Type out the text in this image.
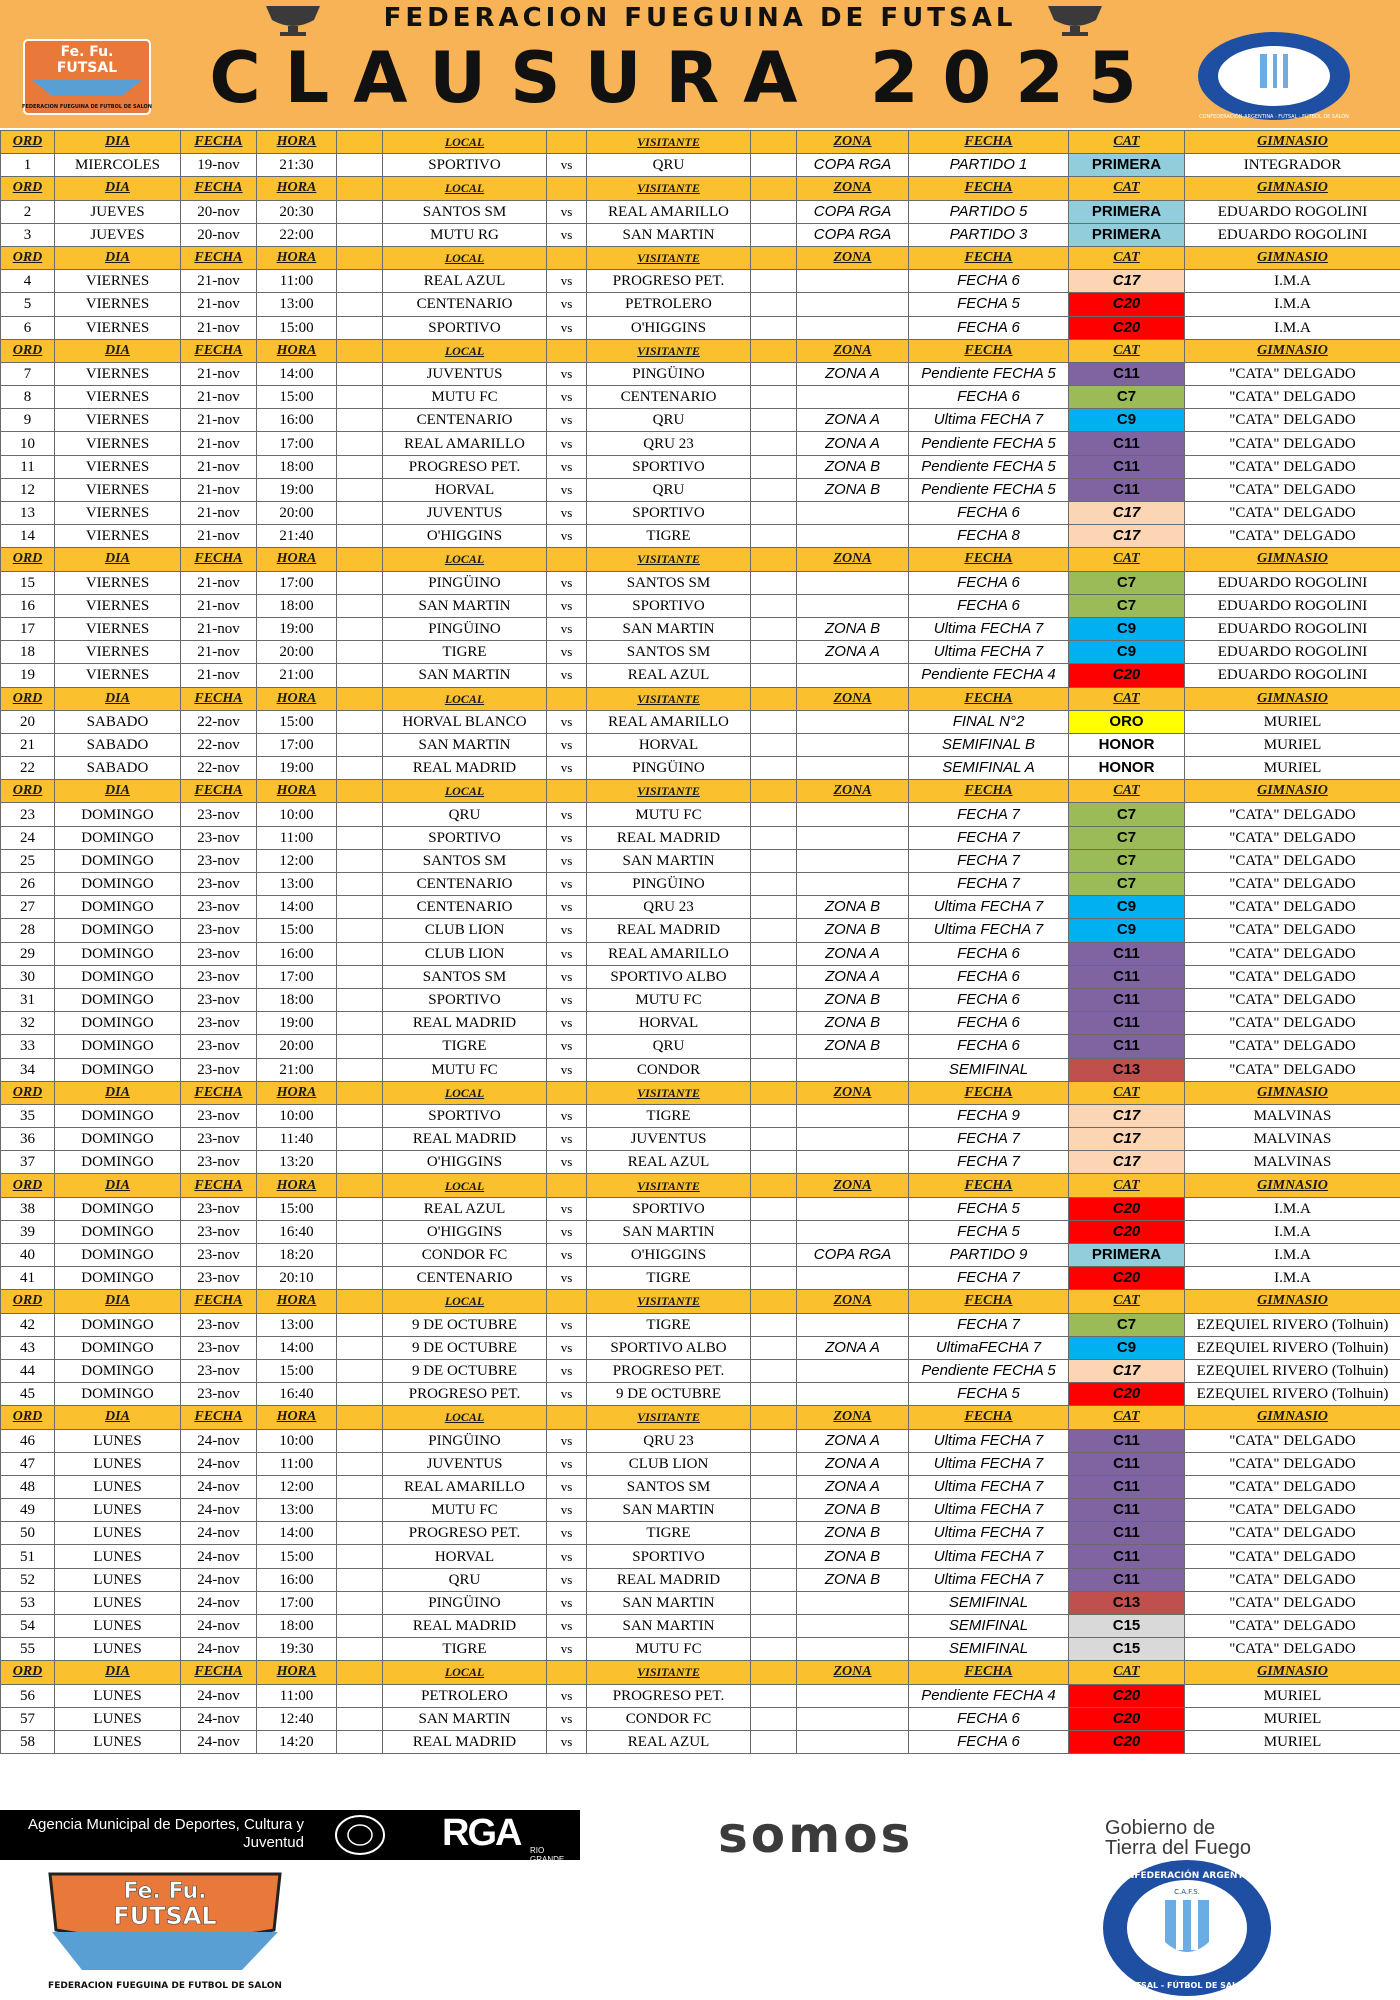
FEDERACION FUEGUINA DE FUTSAL
CLAUSURA 2025
Fe. Fu.
FUTSAL
FEDERACION FUEGUINA DE FUTBOL DE SALON
CONFEDERACIÓN ARGENTINA · FUTSAL · FÚTBOL DE SALÓN
ORD	DIA	FECHA	HORA		LOCAL		VISITANTE		ZONA	FECHA	CAT	GIMNASIO
1	MIERCOLES	19-nov	21:30		SPORTIVO	vs	QRU		COPA RGA	PARTIDO 1	PRIMERA	INTEGRADOR
ORD	DIA	FECHA	HORA		LOCAL		VISITANTE		ZONA	FECHA	CAT	GIMNASIO
2	JUEVES	20-nov	20:30		SANTOS SM	vs	REAL AMARILLO		COPA RGA	PARTIDO 5	PRIMERA	EDUARDO ROGOLINI
3	JUEVES	20-nov	22:00		MUTU RG	vs	SAN MARTIN		COPA RGA	PARTIDO 3	PRIMERA	EDUARDO ROGOLINI
ORD	DIA	FECHA	HORA		LOCAL		VISITANTE		ZONA	FECHA	CAT	GIMNASIO
4	VIERNES	21-nov	11:00		REAL AZUL	vs	PROGRESO PET.			FECHA 6	C17	I.M.A
5	VIERNES	21-nov	13:00		CENTENARIO	vs	PETROLERO			FECHA 5	C20	I.M.A
6	VIERNES	21-nov	15:00		SPORTIVO	vs	O'HIGGINS			FECHA 6	C20	I.M.A
ORD	DIA	FECHA	HORA		LOCAL		VISITANTE		ZONA	FECHA	CAT	GIMNASIO
7	VIERNES	21-nov	14:00		JUVENTUS	vs	PINGÜINO		ZONA A	Pendiente FECHA 5	C11	"CATA" DELGADO
8	VIERNES	21-nov	15:00		MUTU FC	vs	CENTENARIO			FECHA 6	C7	"CATA" DELGADO
9	VIERNES	21-nov	16:00		CENTENARIO	vs	QRU		ZONA A	Ultima FECHA 7	C9	"CATA" DELGADO
10	VIERNES	21-nov	17:00		REAL AMARILLO	vs	QRU 23		ZONA A	Pendiente FECHA 5	C11	"CATA" DELGADO
11	VIERNES	21-nov	18:00		PROGRESO PET.	vs	SPORTIVO		ZONA B	Pendiente FECHA 5	C11	"CATA" DELGADO
12	VIERNES	21-nov	19:00		HORVAL	vs	QRU		ZONA B	Pendiente FECHA 5	C11	"CATA" DELGADO
13	VIERNES	21-nov	20:00		JUVENTUS	vs	SPORTIVO			FECHA 6	C17	"CATA" DELGADO
14	VIERNES	21-nov	21:40		O'HIGGINS	vs	TIGRE			FECHA 8	C17	"CATA" DELGADO
ORD	DIA	FECHA	HORA		LOCAL		VISITANTE		ZONA	FECHA	CAT	GIMNASIO
15	VIERNES	21-nov	17:00		PINGÜINO	vs	SANTOS SM			FECHA 6	C7	EDUARDO ROGOLINI
16	VIERNES	21-nov	18:00		SAN MARTIN	vs	SPORTIVO			FECHA 6	C7	EDUARDO ROGOLINI
17	VIERNES	21-nov	19:00		PINGÜINO	vs	SAN MARTIN		ZONA B	Ultima FECHA 7	C9	EDUARDO ROGOLINI
18	VIERNES	21-nov	20:00		TIGRE	vs	SANTOS SM		ZONA A	Ultima FECHA 7	C9	EDUARDO ROGOLINI
19	VIERNES	21-nov	21:00		SAN MARTIN	vs	REAL AZUL			Pendiente FECHA 4	C20	EDUARDO ROGOLINI
ORD	DIA	FECHA	HORA		LOCAL		VISITANTE		ZONA	FECHA	CAT	GIMNASIO
20	SABADO	22-nov	15:00		HORVAL BLANCO	vs	REAL AMARILLO			FINAL N°2	ORO	MURIEL
21	SABADO	22-nov	17:00		SAN MARTIN	vs	HORVAL			SEMIFINAL B	HONOR	MURIEL
22	SABADO	22-nov	19:00		REAL MADRID	vs	PINGÜINO			SEMIFINAL A	HONOR	MURIEL
ORD	DIA	FECHA	HORA		LOCAL		VISITANTE		ZONA	FECHA	CAT	GIMNASIO
23	DOMINGO	23-nov	10:00		QRU	vs	MUTU FC			FECHA 7	C7	"CATA" DELGADO
24	DOMINGO	23-nov	11:00		SPORTIVO	vs	REAL MADRID			FECHA 7	C7	"CATA" DELGADO
25	DOMINGO	23-nov	12:00		SANTOS SM	vs	SAN MARTIN			FECHA 7	C7	"CATA" DELGADO
26	DOMINGO	23-nov	13:00		CENTENARIO	vs	PINGÜINO			FECHA 7	C7	"CATA" DELGADO
27	DOMINGO	23-nov	14:00		CENTENARIO	vs	QRU 23		ZONA B	Ultima FECHA 7	C9	"CATA" DELGADO
28	DOMINGO	23-nov	15:00		CLUB LION	vs	REAL MADRID		ZONA B	Ultima FECHA 7	C9	"CATA" DELGADO
29	DOMINGO	23-nov	16:00		CLUB LION	vs	REAL AMARILLO		ZONA A	FECHA 6	C11	"CATA" DELGADO
30	DOMINGO	23-nov	17:00		SANTOS SM	vs	SPORTIVO ALBO		ZONA A	FECHA 6	C11	"CATA" DELGADO
31	DOMINGO	23-nov	18:00		SPORTIVO	vs	MUTU FC		ZONA B	FECHA 6	C11	"CATA" DELGADO
32	DOMINGO	23-nov	19:00		REAL MADRID	vs	HORVAL		ZONA B	FECHA 6	C11	"CATA" DELGADO
33	DOMINGO	23-nov	20:00		TIGRE	vs	QRU		ZONA B	FECHA 6	C11	"CATA" DELGADO
34	DOMINGO	23-nov	21:00		MUTU FC	vs	CONDOR			SEMIFINAL	C13	"CATA" DELGADO
ORD	DIA	FECHA	HORA		LOCAL		VISITANTE		ZONA	FECHA	CAT	GIMNASIO
35	DOMINGO	23-nov	10:00		SPORTIVO	vs	TIGRE			FECHA 9	C17	MALVINAS
36	DOMINGO	23-nov	11:40		REAL MADRID	vs	JUVENTUS			FECHA 7	C17	MALVINAS
37	DOMINGO	23-nov	13:20		O'HIGGINS	vs	REAL AZUL			FECHA 7	C17	MALVINAS
ORD	DIA	FECHA	HORA		LOCAL		VISITANTE		ZONA	FECHA	CAT	GIMNASIO
38	DOMINGO	23-nov	15:00		REAL AZUL	vs	SPORTIVO			FECHA 5	C20	I.M.A
39	DOMINGO	23-nov	16:40		O'HIGGINS	vs	SAN MARTIN			FECHA 5	C20	I.M.A
40	DOMINGO	23-nov	18:20		CONDOR FC	vs	O'HIGGINS		COPA RGA	PARTIDO 9	PRIMERA	I.M.A
41	DOMINGO	23-nov	20:10		CENTENARIO	vs	TIGRE			FECHA 7	C20	I.M.A
ORD	DIA	FECHA	HORA		LOCAL		VISITANTE		ZONA	FECHA	CAT	GIMNASIO
42	DOMINGO	23-nov	13:00		9 DE OCTUBRE	vs	TIGRE			FECHA 7	C7	EZEQUIEL RIVERO (Tolhuin)
43	DOMINGO	23-nov	14:00		9 DE OCTUBRE	vs	SPORTIVO ALBO		ZONA A	UltimaFECHA 7	C9	EZEQUIEL RIVERO (Tolhuin)
44	DOMINGO	23-nov	15:00		9 DE OCTUBRE	vs	PROGRESO PET.			Pendiente FECHA 5	C17	EZEQUIEL RIVERO (Tolhuin)
45	DOMINGO	23-nov	16:40		PROGRESO PET.	vs	9 DE OCTUBRE			FECHA 5	C20	EZEQUIEL RIVERO (Tolhuin)
ORD	DIA	FECHA	HORA		LOCAL		VISITANTE		ZONA	FECHA	CAT	GIMNASIO
46	LUNES	24-nov	10:00		PINGÜINO	vs	QRU 23		ZONA A	Ultima FECHA 7	C11	"CATA" DELGADO
47	LUNES	24-nov	11:00		JUVENTUS	vs	CLUB LION		ZONA A	Ultima FECHA 7	C11	"CATA" DELGADO
48	LUNES	24-nov	12:00		REAL AMARILLO	vs	SANTOS SM		ZONA A	Ultima FECHA 7	C11	"CATA" DELGADO
49	LUNES	24-nov	13:00		MUTU FC	vs	SAN MARTIN		ZONA B	Ultima FECHA 7	C11	"CATA" DELGADO
50	LUNES	24-nov	14:00		PROGRESO PET.	vs	TIGRE		ZONA B	Ultima FECHA 7	C11	"CATA" DELGADO
51	LUNES	24-nov	15:00		HORVAL	vs	SPORTIVO		ZONA B	Ultima FECHA 7	C11	"CATA" DELGADO
52	LUNES	24-nov	16:00		QRU	vs	REAL MADRID		ZONA B	Ultima FECHA 7	C11	"CATA" DELGADO
53	LUNES	24-nov	17:00		PINGÜINO	vs	SAN MARTIN			SEMIFINAL	C13	"CATA" DELGADO
54	LUNES	24-nov	18:00		REAL MADRID	vs	SAN MARTIN			SEMIFINAL	C15	"CATA" DELGADO
55	LUNES	24-nov	19:30		TIGRE	vs	MUTU FC			SEMIFINAL	C15	"CATA" DELGADO
ORD	DIA	FECHA	HORA		LOCAL		VISITANTE		ZONA	FECHA	CAT	GIMNASIO
56	LUNES	24-nov	11:00		PETROLERO	vs	PROGRESO PET.			Pendiente FECHA 4	C20	MURIEL
57	LUNES	24-nov	12:40		SAN MARTIN	vs	CONDOR FC			FECHA 6	C20	MURIEL
58	LUNES	24-nov	14:20		REAL MADRID	vs	REAL AZUL			FECHA 6	C20	MURIEL
Agencia Municipal de Deportes, Cultura y Juventud	RGA RIO GRANDE	somos	Gobierno de
Tierra del Fuego
Fe. Fu.
FUTSAL
FEDERACION FUEGUINA DE FUTBOL DE SALON
CONFEDERACIÓN ARGENTINA
C.A.F.S.
FUTSAL - FÚTBOL DE SALÓN
